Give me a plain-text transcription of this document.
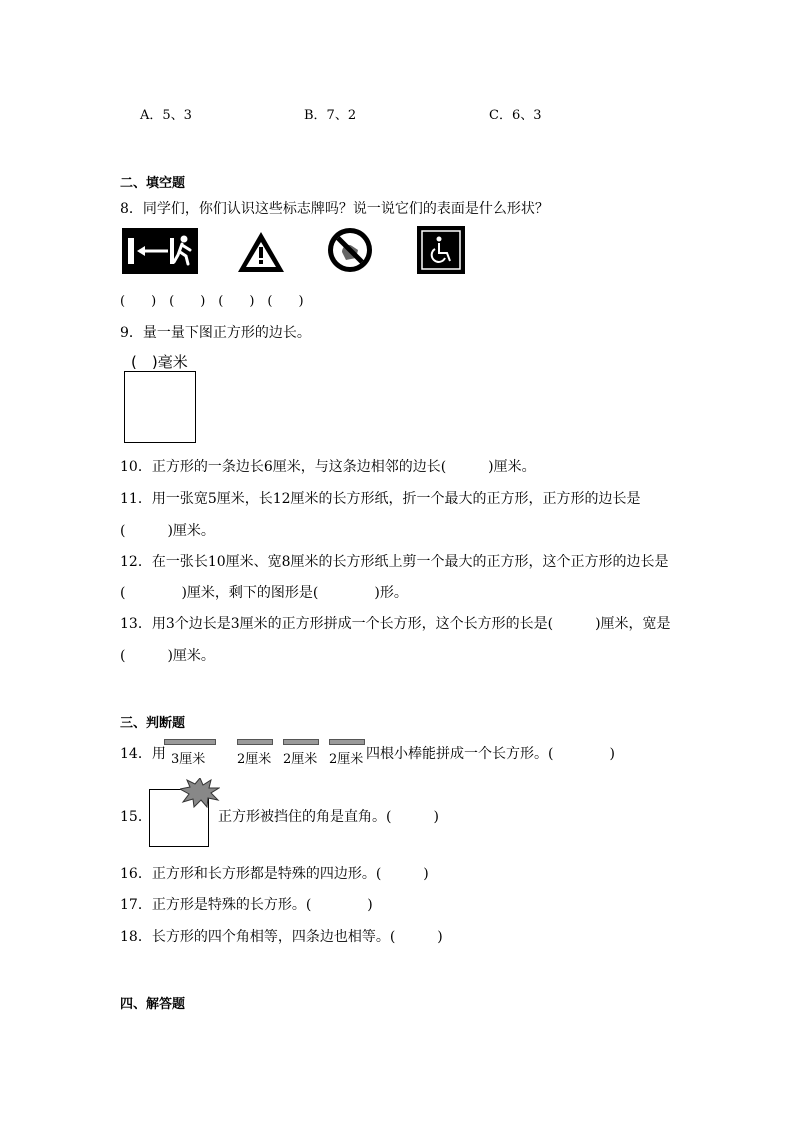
A．5、3	B．7、2	C．6、3
二、填空题
8．同学们，你们认识这些标志牌吗？说一说它们的表面是什么形状？
(　　)　(　　)　(　　)　(　　)
9．量一量下图正方形的边长。
(　)毫米
10．正方形的一条边长6厘米，与这条边相邻的边长(　　　)厘米。
11．用一张宽5厘米，长12厘米的长方形纸，折一个最大的正方形，正方形的边长是
(　　　)厘米。
12．在一张长10厘米、宽8厘米的长方形纸上剪一个最大的正方形，这个正方形的边长是
(　　　　)厘米，剩下的图形是(　　　　)形。
13．用3个边长是3厘米的正方形拼成一个长方形，这个长方形的长是(　　　)厘米，宽是
(　　　)厘米。
三、判断题
14．用 3厘米 2厘米 2厘米 2厘米 四根小棒能拼成一个长方形。(　　　　)
15．	正方形被挡住的角是直角。(　　　)
16．正方形和长方形都是特殊的四边形。(　　　)
17．正方形是特殊的长方形。(　　　　)
18．长方形的四个角相等，四条边也相等。(　　　)
四、解答题
